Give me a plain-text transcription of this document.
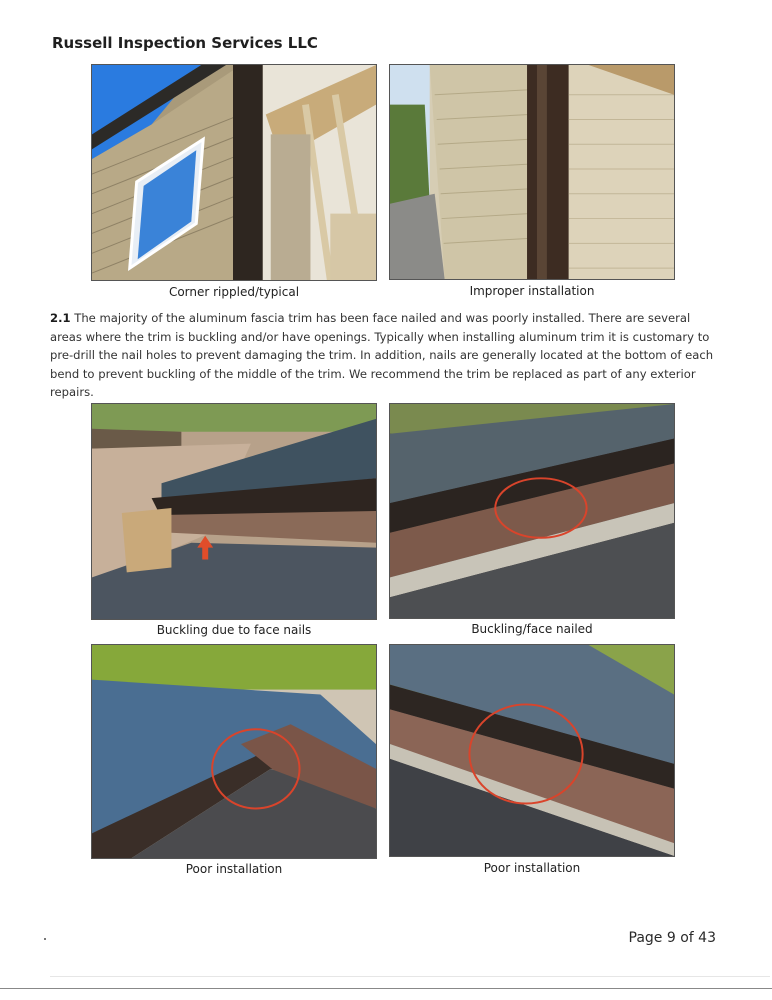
Russell Inspection Services LLC
Corner rippled/typical	Improper installation
2.1 The majority of the aluminum fascia trim has been face nailed and was poorly installed. There are several areas where the trim is buckling and/or have openings. Typically when installing aluminum trim it is customary to pre-drill the nail holes to prevent damaging the trim. In addition, nails are generally located at the bottom of each bend to prevent buckling of the middle of the trim. We recommend the trim be replaced as part of any exterior repairs.
Buckling due to face nails	Buckling/face nailed
Poor installation	Poor installation
Page 9 of 43
